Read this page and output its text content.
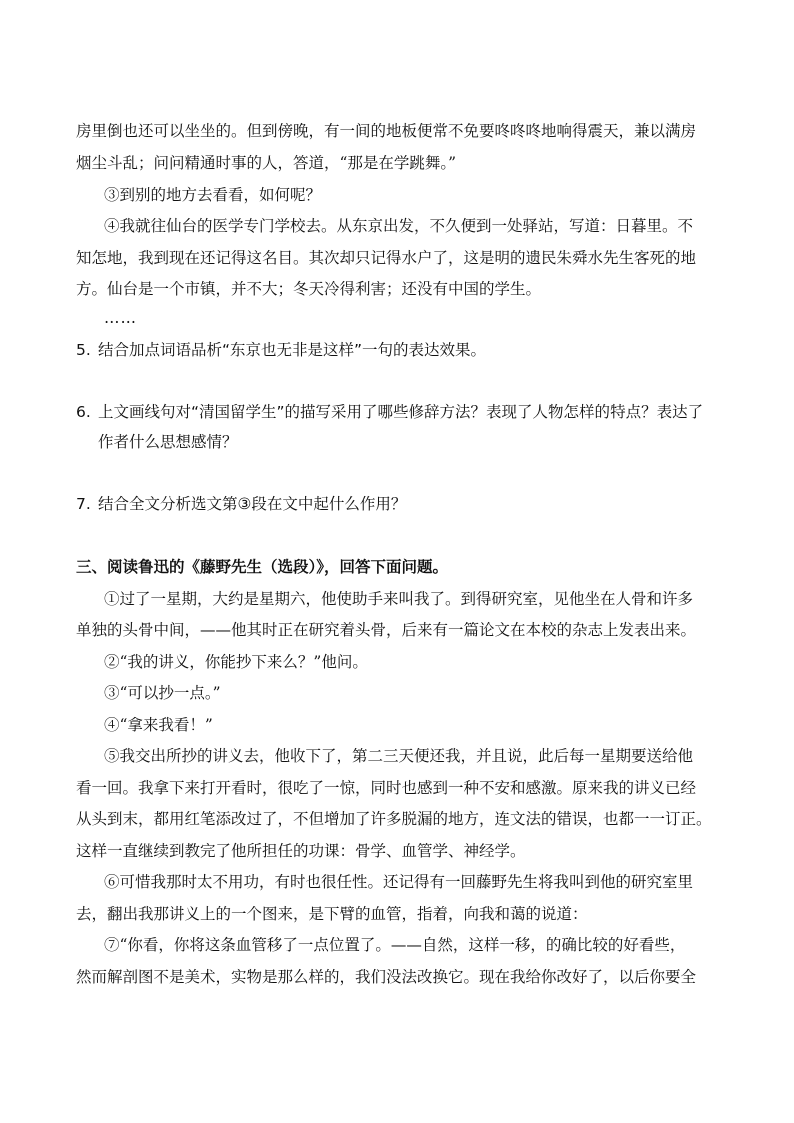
房里倒也还可以坐坐的。但到傍晚，有一间的地板便常不免要咚咚咚地响得震天，兼以满房
烟尘斗乱；问问精通时事的人，答道，“那是在学跳舞。”
③到别的地方去看看，如何呢？
④我就往仙台的医学专门学校去。从东京出发，不久便到一处驿站，写道：日暮里。不
知怎地，我到现在还记得这名目。其次却只记得水户了，这是明的遗民朱舜水先生客死的地
方。仙台是一个市镇，并不大；冬天冷得利害；还没有中国的学生。
……
5. 结合加点词语品析“东京也无非是这样”一句的表达效果。
6. 上文画线句对“清国留学生”的描写采用了哪些修辞方法？表现了人物怎样的特点？表达了
作者什么思想感情？
7. 结合全文分析选文第③段在文中起什么作用？
三、阅读鲁迅的《藤野先生（选段）》，回答下面问题。
①过了一星期，大约是星期六，他使助手来叫我了。到得研究室，见他坐在人骨和许多
单独的头骨中间，——他其时正在研究着头骨，后来有一篇论文在本校的杂志上发表出来。
②“我的讲义，你能抄下来么？”他问。
③“可以抄一点。”
④“拿来我看！”
⑤我交出所抄的讲义去，他收下了，第二三天便还我，并且说，此后每一星期要送给他
看一回。我拿下来打开看时，很吃了一惊，同时也感到一种不安和感激。原来我的讲义已经
从头到末，都用红笔添改过了，不但增加了许多脱漏的地方，连文法的错误，也都一一订正。
这样一直继续到教完了他所担任的功课：骨学、血管学、神经学。
⑥可惜我那时太不用功，有时也很任性。还记得有一回藤野先生将我叫到他的研究室里
去，翻出我那讲义上的一个图来，是下臂的血管，指着，向我和蔼的说道：
⑦“你看，你将这条血管移了一点位置了。——自然，这样一移，的确比较的好看些，
然而解剖图不是美术，实物是那么样的，我们没法改换它。现在我给你改好了，以后你要全
